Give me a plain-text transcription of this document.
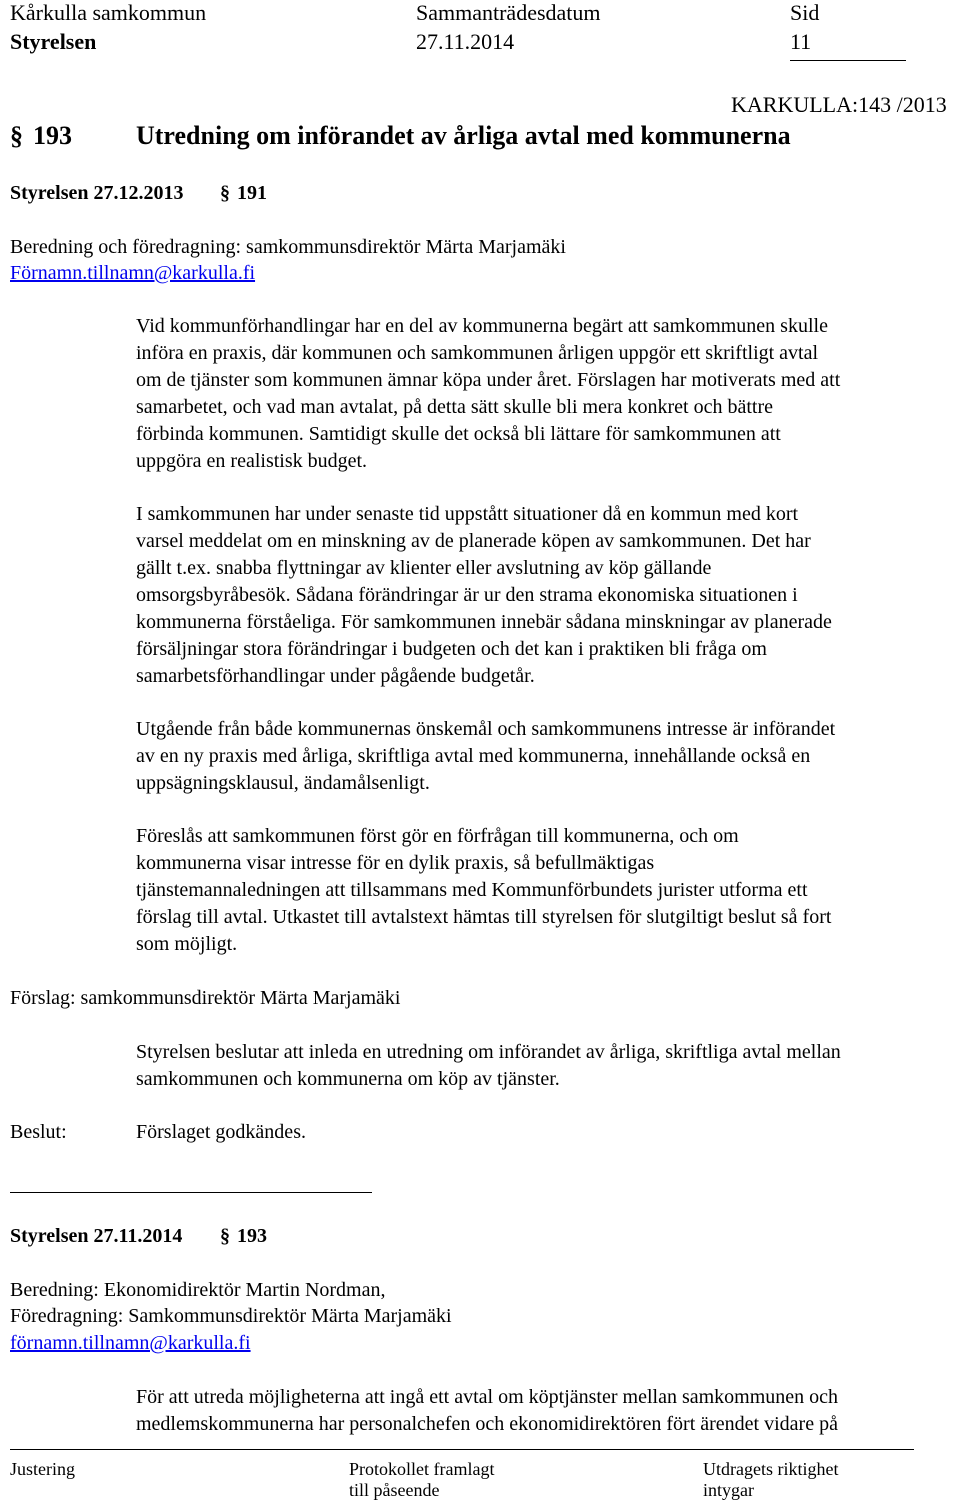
Kårkulla samkommun
Styrelsen
Sammanträdesdatum
27.11.2014
Sid
11
KARKULLA:143 /2013
§ 193 Utredning om införandet av årliga avtal med kommunerna
Styrelsen 27.12.2013 § 191
Beredning och föredragning: samkommunsdirektör Märta Marjamäki
Förnamn.tillnamn@karkulla.fi
Vid kommunförhandlingar har en del av kommunerna begärt att samkommunen skulle
införa en praxis, där kommunen och samkommunen årligen uppgör ett skriftligt avtal
om de tjänster som kommunen ämnar köpa under året. Förslagen har motiverats med att
samarbetet, och vad man avtalat, på detta sätt skulle bli mera konkret och bättre
förbinda kommunen. Samtidigt skulle det också bli lättare för samkommunen att
uppgöra en realistisk budget.
I samkommunen har under senaste tid uppstått situationer då en kommun med kort
varsel meddelat om en minskning av de planerade köpen av samkommunen. Det har
gällt t.ex. snabba flyttningar av klienter eller avslutning av köp gällande
omsorgsbyråbesök. Sådana förändringar är ur den strama ekonomiska situationen i
kommunerna förståeliga. För samkommunen innebär sådana minskningar av planerade
försäljningar stora förändringar i budgeten och det kan i praktiken bli fråga om
samarbetsförhandlingar under pågående budgetår.
Utgående från både kommunernas önskemål och samkommunens intresse är införandet
av en ny praxis med årliga, skriftliga avtal med kommunerna, innehållande också en
uppsägningsklausul, ändamålsenligt.
Föreslås att samkommunen först gör en förfrågan till kommunerna, och om
kommunerna visar intresse för en dylik praxis, så befullmäktigas
tjänstemannaledningen att tillsammans med Kommunförbundets jurister utforma ett
förslag till avtal. Utkastet till avtalstext hämtas till styrelsen för slutgiltigt beslut så fort
som möjligt.
Förslag: samkommunsdirektör Märta Marjamäki
Styrelsen beslutar att inleda en utredning om införandet av årliga, skriftliga avtal mellan
samkommunen och kommunerna om köp av tjänster.
Beslut:	Förslaget godkändes.
Styrelsen 27.11.2014 § 193
Beredning: Ekonomidirektör Martin Nordman,
Föredragning: Samkommunsdirektör Märta Marjamäki
förnamn.tillnamn@karkulla.fi
För att utreda möjligheterna att ingå ett avtal om köptjänster mellan samkommunen och
medlemskommunerna har personalchefen och ekonomidirektören fört ärendet vidare på
Justering	Protokollet framlagt
till påseende
Utdragets riktighet
intygar
